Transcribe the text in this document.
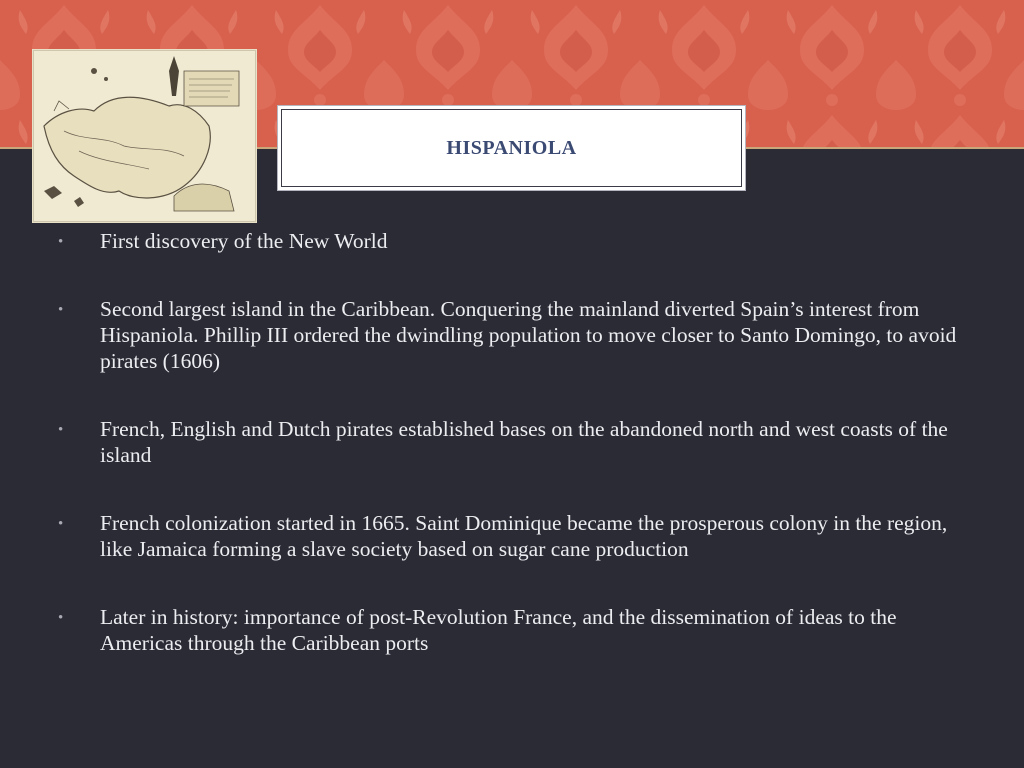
HISPANIOLA
• First discovery of the New World
• Second largest island in the Caribbean. Conquering the mainland diverted Spain’s interest from Hispaniola. Phillip III ordered the dwindling population to move closer to Santo Domingo, to avoid pirates (1606)
• French, English and Dutch pirates established bases on the abandoned north and west coasts of the island
• French colonization started in 1665. Saint Dominique became the prosperous colony in the region, like Jamaica forming a slave society based on sugar cane production
• Later in history: importance of post-Revolution France, and the dissemination of ideas to the Americas through the Caribbean ports
